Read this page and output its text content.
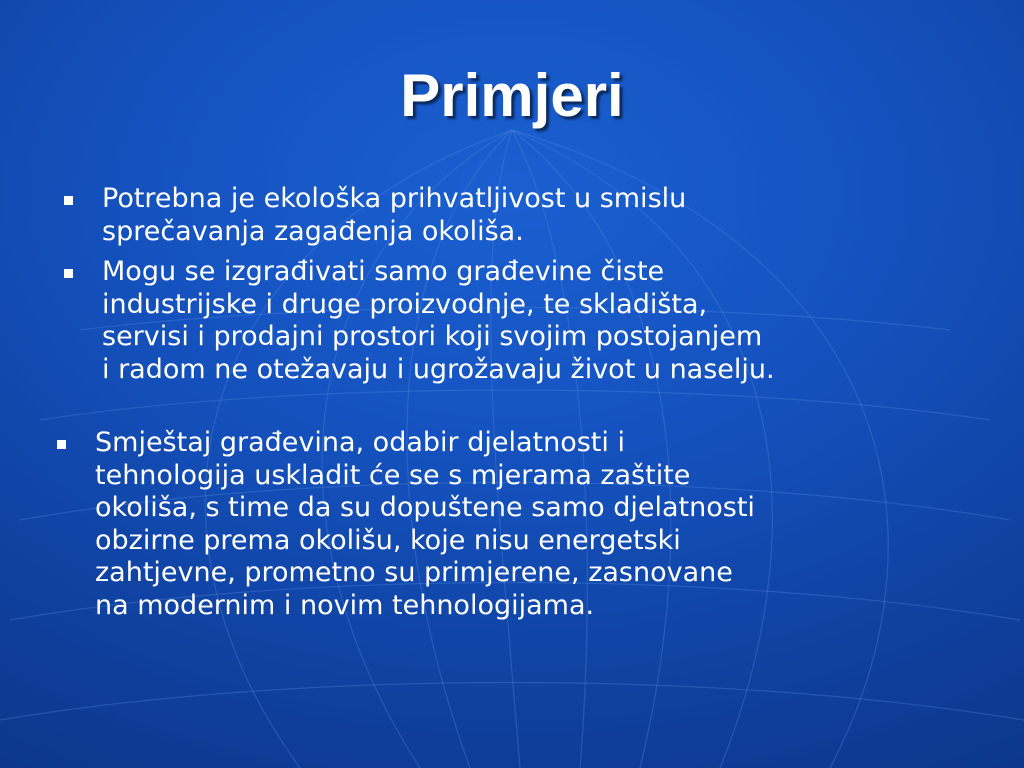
Primjeri
Potrebna je ekološka prihvatljivost u smislu
sprečavanja zagađenja okoliša.
Mogu se izgrađivati samo građevine čiste
industrijske i druge proizvodnje, te skladišta,
servisi i prodajni prostori koji svojim postojanjem
i radom ne otežavaju i ugrožavaju život u naselju.
Smještaj građevina, odabir djelatnosti i
tehnologija uskladit će se s mjerama zaštite
okoliša, s time da su dopuštene samo djelatnosti
obzirne prema okolišu, koje nisu energetski
zahtjevne, prometno su primjerene, zasnovane
na modernim i novim tehnologijama.
